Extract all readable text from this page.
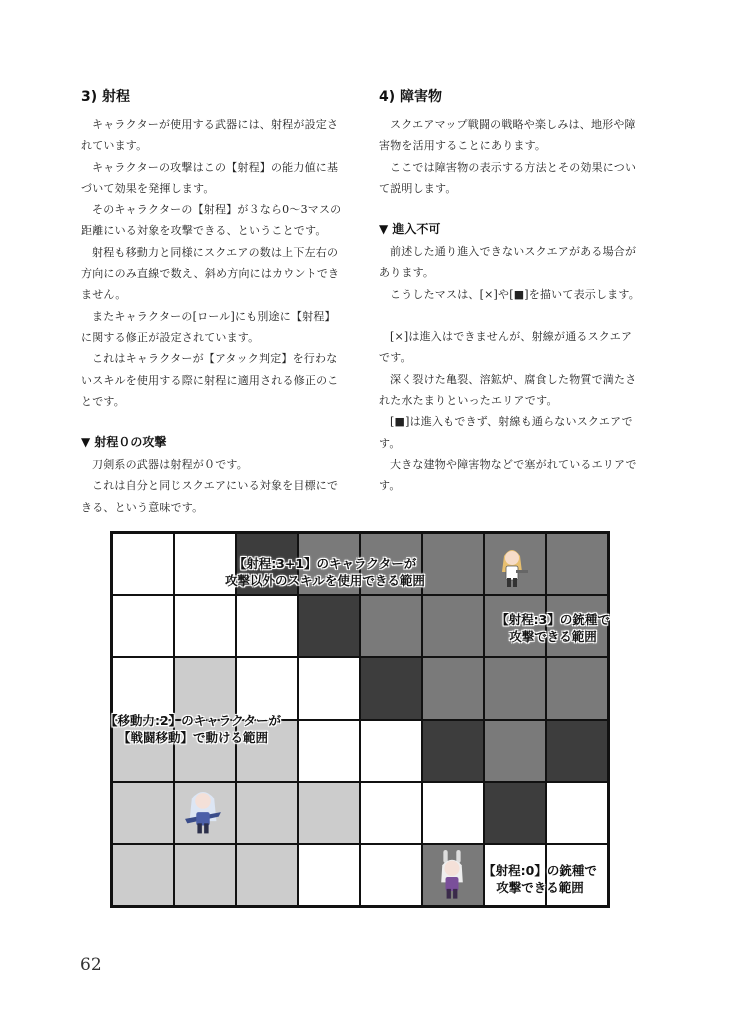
3) 射程

キャラクターが使用する武器には、射程が設定されています。

キャラクターの攻撃はこの【射程】の能力値に基づいて効果を発揮します。

そのキャラクターの【射程】が３なら0〜3マスの距離にいる対象を攻撃できる、ということです。

射程も移動力と同様にスクエアの数は上下左右の方向にのみ直線で数え、斜め方向にはカウントできません。

またキャラクターの[ロール]にも別途に【射程】に関する修正が設定されています。

これはキャラクターが【アタック判定】を行わないスキルを使用する際に射程に適用される修正のことです。

▼ 射程０の攻撃

刀剣系の武器は射程が０です。

これは自分と同じスクエアにいる対象を目標にできる、という意味です。

4) 障害物

スクエアマップ戦闘の戦略や楽しみは、地形や障害物を活用することにあります。

ここでは障害物の表示する方法とその効果について説明します。

▼ 進入不可

前述した通り進入できないスクエアがある場合があります。

こうしたマスは、[×]や[■]を描いて表示します。

[×]は進入はできませんが、射線が通るスクエアです。

深く裂けた亀裂、溶鉱炉、腐食した物質で満たされた水たまりといったエリアです。

[■]は進入もできず、射線も通らないスクエアです。

大きな建物や障害物などで塞がれているエリアです。

【射程:3+1】のキャラクターが
攻撃以外のスキルを使用できる範囲
【射程:3】の銃種で
攻撃できる範囲
【移動力:2】のキャラクターが
【戦闘移動】で動ける範囲
【射程:0】の銃種で
攻撃できる範囲
62
